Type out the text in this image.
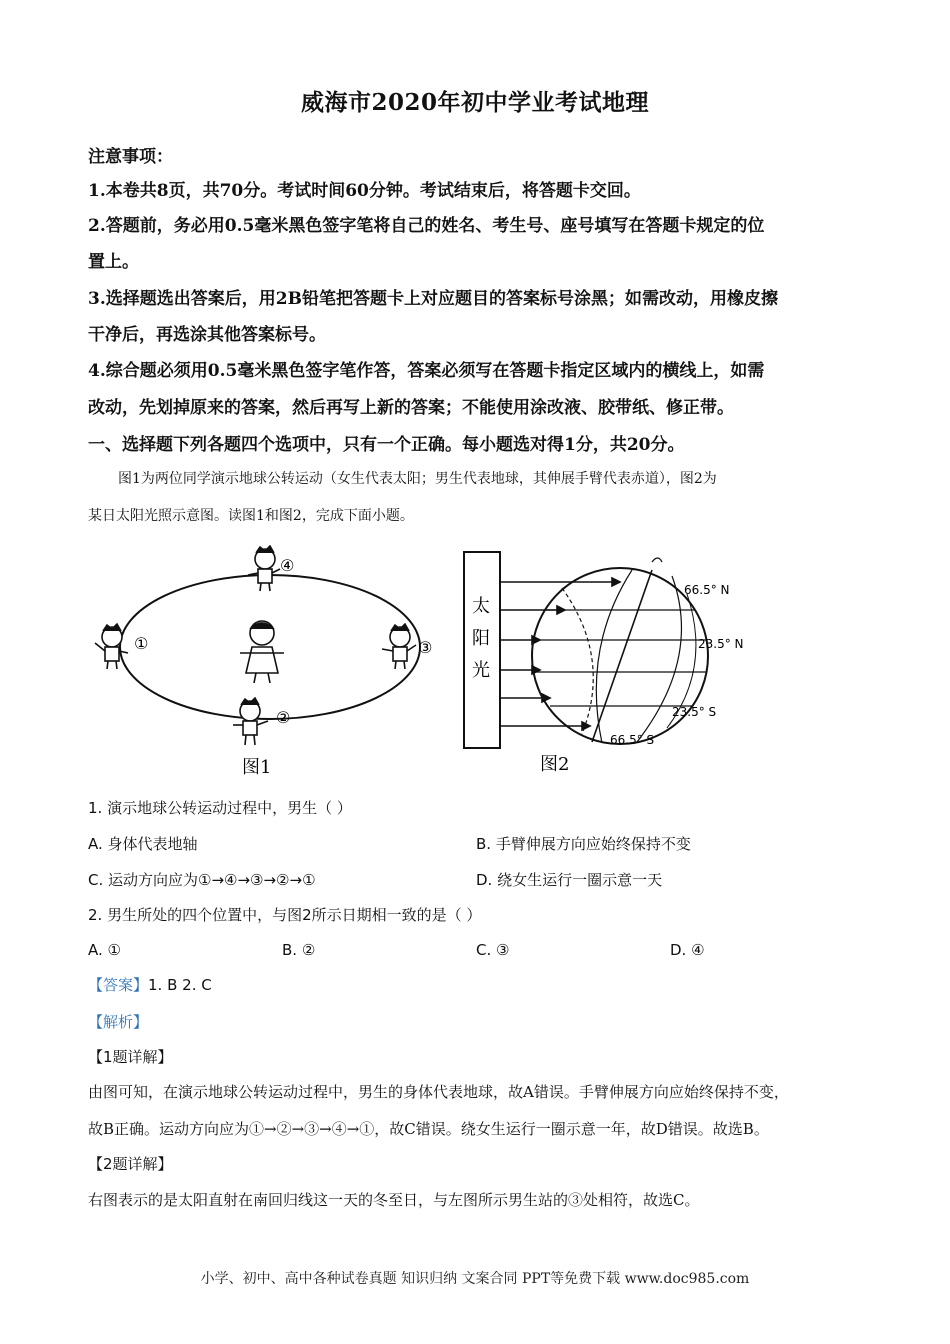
威海市2020年初中学业考试地理
注意事项：
1.本卷共8页，共70分。考试时间60分钟。考试结束后，将答题卡交回。
2.答题前，务必用0.5毫米黑色签字笔将自己的姓名、考生号、座号填写在答题卡规定的位
置上。
3.选择题选出答案后，用2B铅笔把答题卡上对应题目的答案标号涂黑；如需改动，用橡皮擦
干净后，再选涂其他答案标号。
4.综合题必须用0.5毫米黑色签字笔作答，答案必须写在答题卡指定区域内的横线上，如需
改动，先划掉原来的答案，然后再写上新的答案；不能使用涂改液、胶带纸、修正带。
一、选择题下列各题四个选项中，只有一个正确。每小题选对得1分，共20分。
图1为两位同学演示地球公转运动（女生代表太阳；男生代表地球，其伸展手臂代表赤道），图2为
某日太阳光照示意图。读图1和图2，完成下面小题。
④
①	③
②
图1
太
阳
光
66.5° N
23.5° N
23.5° S
66.5° S
图2
1. 演示地球公转运动过程中，男生（ ）
A. 身体代表地轴	B. 手臂伸展方向应始终保持不变
C. 运动方向应为①→④→③→②→①	D. 绕女生运行一圈示意一天
2. 男生所处的四个位置中，与图2所示日期相一致的是（ ）
A. ①	B. ②	C. ③	D. ④
【答案】1. B 2. C
【解析】
【1题详解】
由图可知，在演示地球公转运动过程中，男生的身体代表地球，故A错误。手臂伸展方向应始终保持不变，
故B正确。运动方向应为①→②→③→④→①，故C错误。绕女生运行一圈示意一年，故D错误。故选B。
【2题详解】
右图表示的是太阳直射在南回归线这一天的冬至日，与左图所示男生站的③处相符，故选C。
小学、初中、高中各种试卷真题 知识归纳 文案合同 PPT等免费下载 www.doc985.com
